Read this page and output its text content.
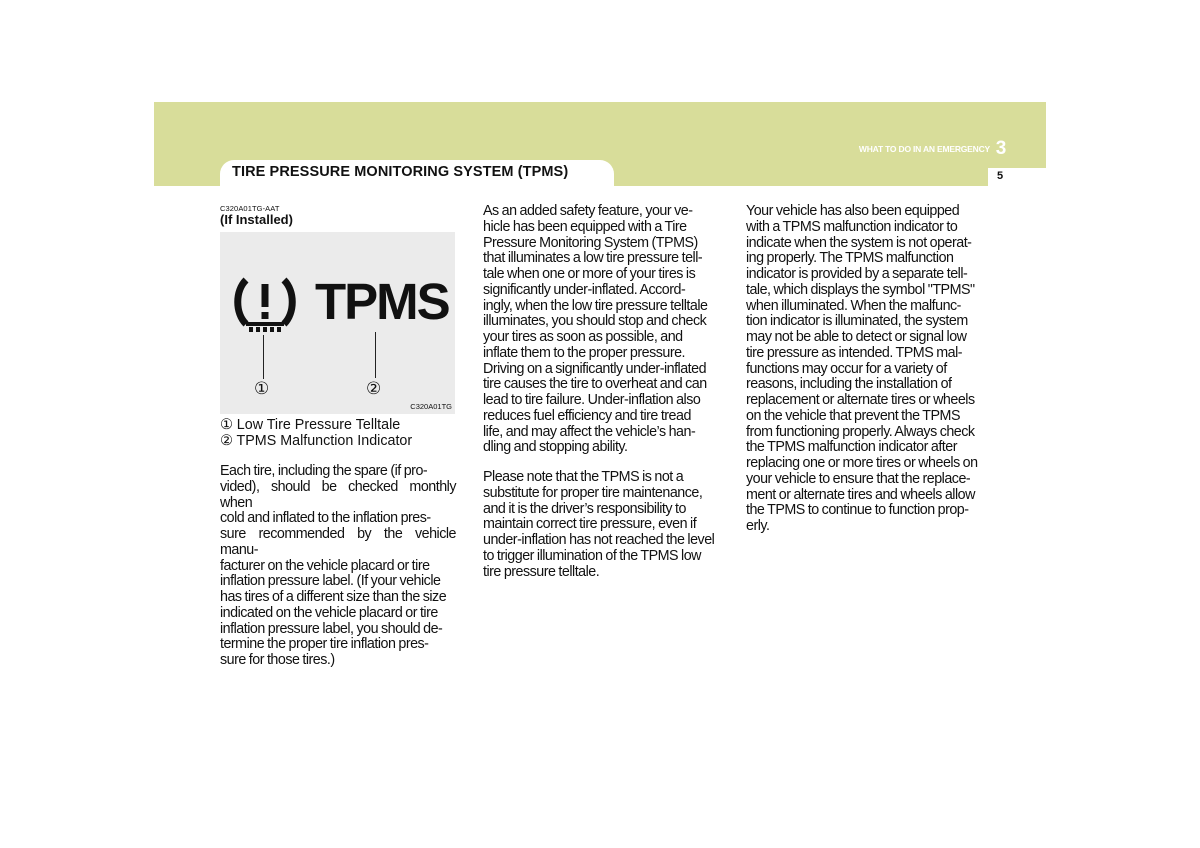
WHAT TO DO IN AN EMERGENCY 3
5
TIRE PRESSURE MONITORING SYSTEM (TPMS)
C320A01TG-AAT
(If Installed)
TPMS
①	②
C320A01TG
① Low Tire Pressure Telltale
② TPMS Malfunction Indicator
Each tire, including the spare (if pro-
vided), should be checked monthly when
cold and inflated to the inflation pres-
sure recommended by the vehicle manu-
facturer on the vehicle placard or tire
inflation pressure label. (If your vehicle
has tires of a different size than the size
indicated on the vehicle placard or tire
inflation pressure label, you should de-
termine the proper tire inflation pres-
sure for those tires.)
As an added safety feature, your ve-
hicle has been equipped with a Tire
Pressure Monitoring System (TPMS)
that illuminates a low tire pressure tell-
tale when one or more of your tires is
significantly under-inflated. Accord-
ingly, when the low tire pressure telltale
illuminates, you should stop and check
your tires as soon as possible, and
inflate them to the proper pressure.
Driving on a significantly under-inflated
tire causes the tire to overheat and can
lead to tire failure. Under-inflation also
reduces fuel efficiency and tire tread
life, and may affect the vehicle’s han-
dling and stopping ability.
Please note that the TPMS is not a
substitute for proper tire maintenance,
and it is the driver’s responsibility to
maintain correct tire pressure, even if
under-inflation has not reached the level
to trigger illumination of the TPMS low
tire pressure telltale.
Your vehicle has also been equipped
with a TPMS malfunction indicator to
indicate when the system is not operat-
ing properly. The TPMS malfunction
indicator is provided by a separate tell-
tale, which displays the symbol "TPMS"
when illuminated. When the malfunc-
tion indicator is illuminated, the system
may not be able to detect or signal low
tire pressure as intended. TPMS mal-
functions may occur for a variety of
reasons, including the installation of
replacement or alternate tires or wheels
on the vehicle that prevent the TPMS
from functioning properly. Always check
the TPMS malfunction indicator after
replacing one or more tires or wheels on
your vehicle to ensure that the replace-
ment or alternate tires and wheels allow
the TPMS to continue to function prop-
erly.
